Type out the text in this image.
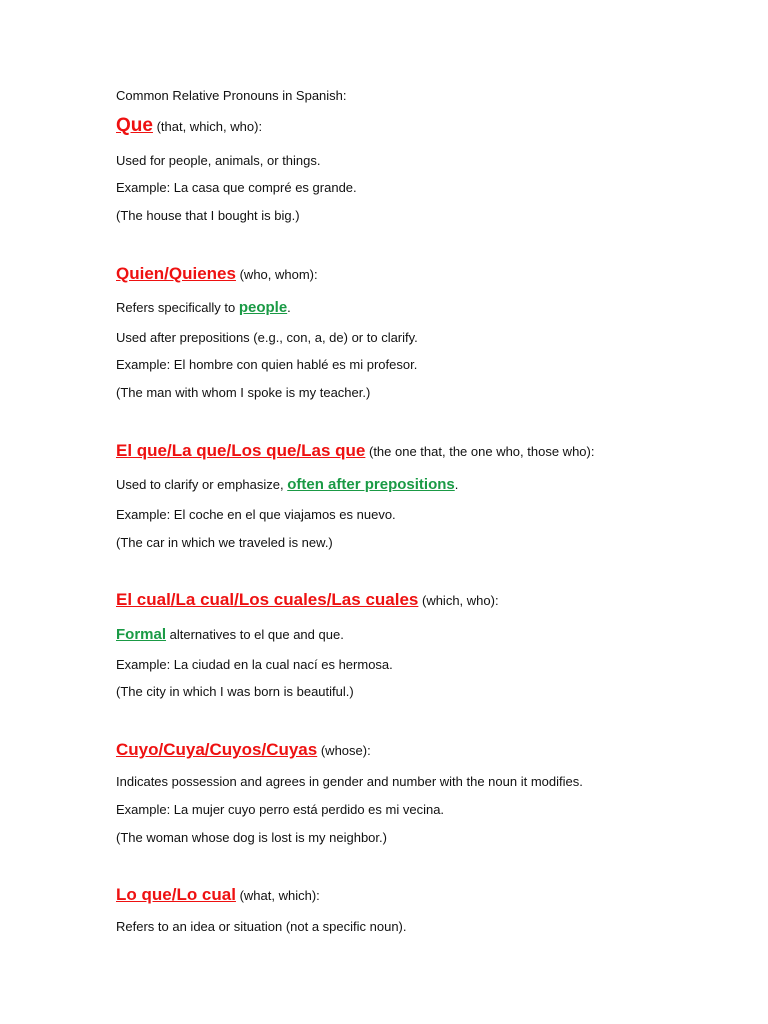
Common Relative Pronouns in Spanish:
Que (that, which, who):
Used for people, animals, or things.
Example: La casa que compré es grande.
(The house that I bought is big.)
Quien/Quienes (who, whom):
Refers specifically to people.
Used after prepositions (e.g., con, a, de) or to clarify.
Example: El hombre con quien hablé es mi profesor.
(The man with whom I spoke is my teacher.)
El que/La que/Los que/Las que (the one that, the one who, those who):
Used to clarify or emphasize, often after prepositions.
Example: El coche en el que viajamos es nuevo.
(The car in which we traveled is new.)
El cual/La cual/Los cuales/Las cuales (which, who):
Formal alternatives to el que and que.
Example: La ciudad en la cual nací es hermosa.
(The city in which I was born is beautiful.)
Cuyo/Cuya/Cuyos/Cuyas (whose):
Indicates possession and agrees in gender and number with the noun it modifies.
Example: La mujer cuyo perro está perdido es mi vecina.
(The woman whose dog is lost is my neighbor.)
Lo que/Lo cual (what, which):
Refers to an idea or situation (not a specific noun).
